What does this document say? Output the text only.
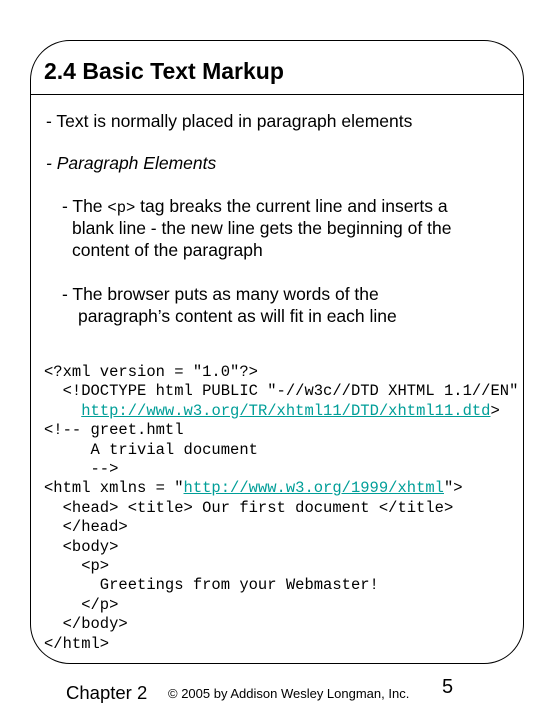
2.4 Basic Text Markup
- Text is normally placed in paragraph elements
- Paragraph Elements
- The <p> tag breaks the current line and inserts a
blank line - the new line gets the beginning of the
content of the paragraph
- The browser puts as many words of the
paragraph’s content as will fit in each line
<?xml version = "1.0"?>
<!DOCTYPE html PUBLIC "-//w3c//DTD XHTML 1.1//EN"
http://www.w3.org/TR/xhtml11/DTD/xhtml11.dtd>
<!-- greet.hmtl
A trivial document
-->
<html xmlns = "http://www.w3.org/1999/xhtml">
<head> <title> Our first document </title>
</head>
<body>
<p>
Greetings from your Webmaster!
</p>
</body>
</html>
Chapter 2 © 2005 by Addison Wesley Longman, Inc. 5
